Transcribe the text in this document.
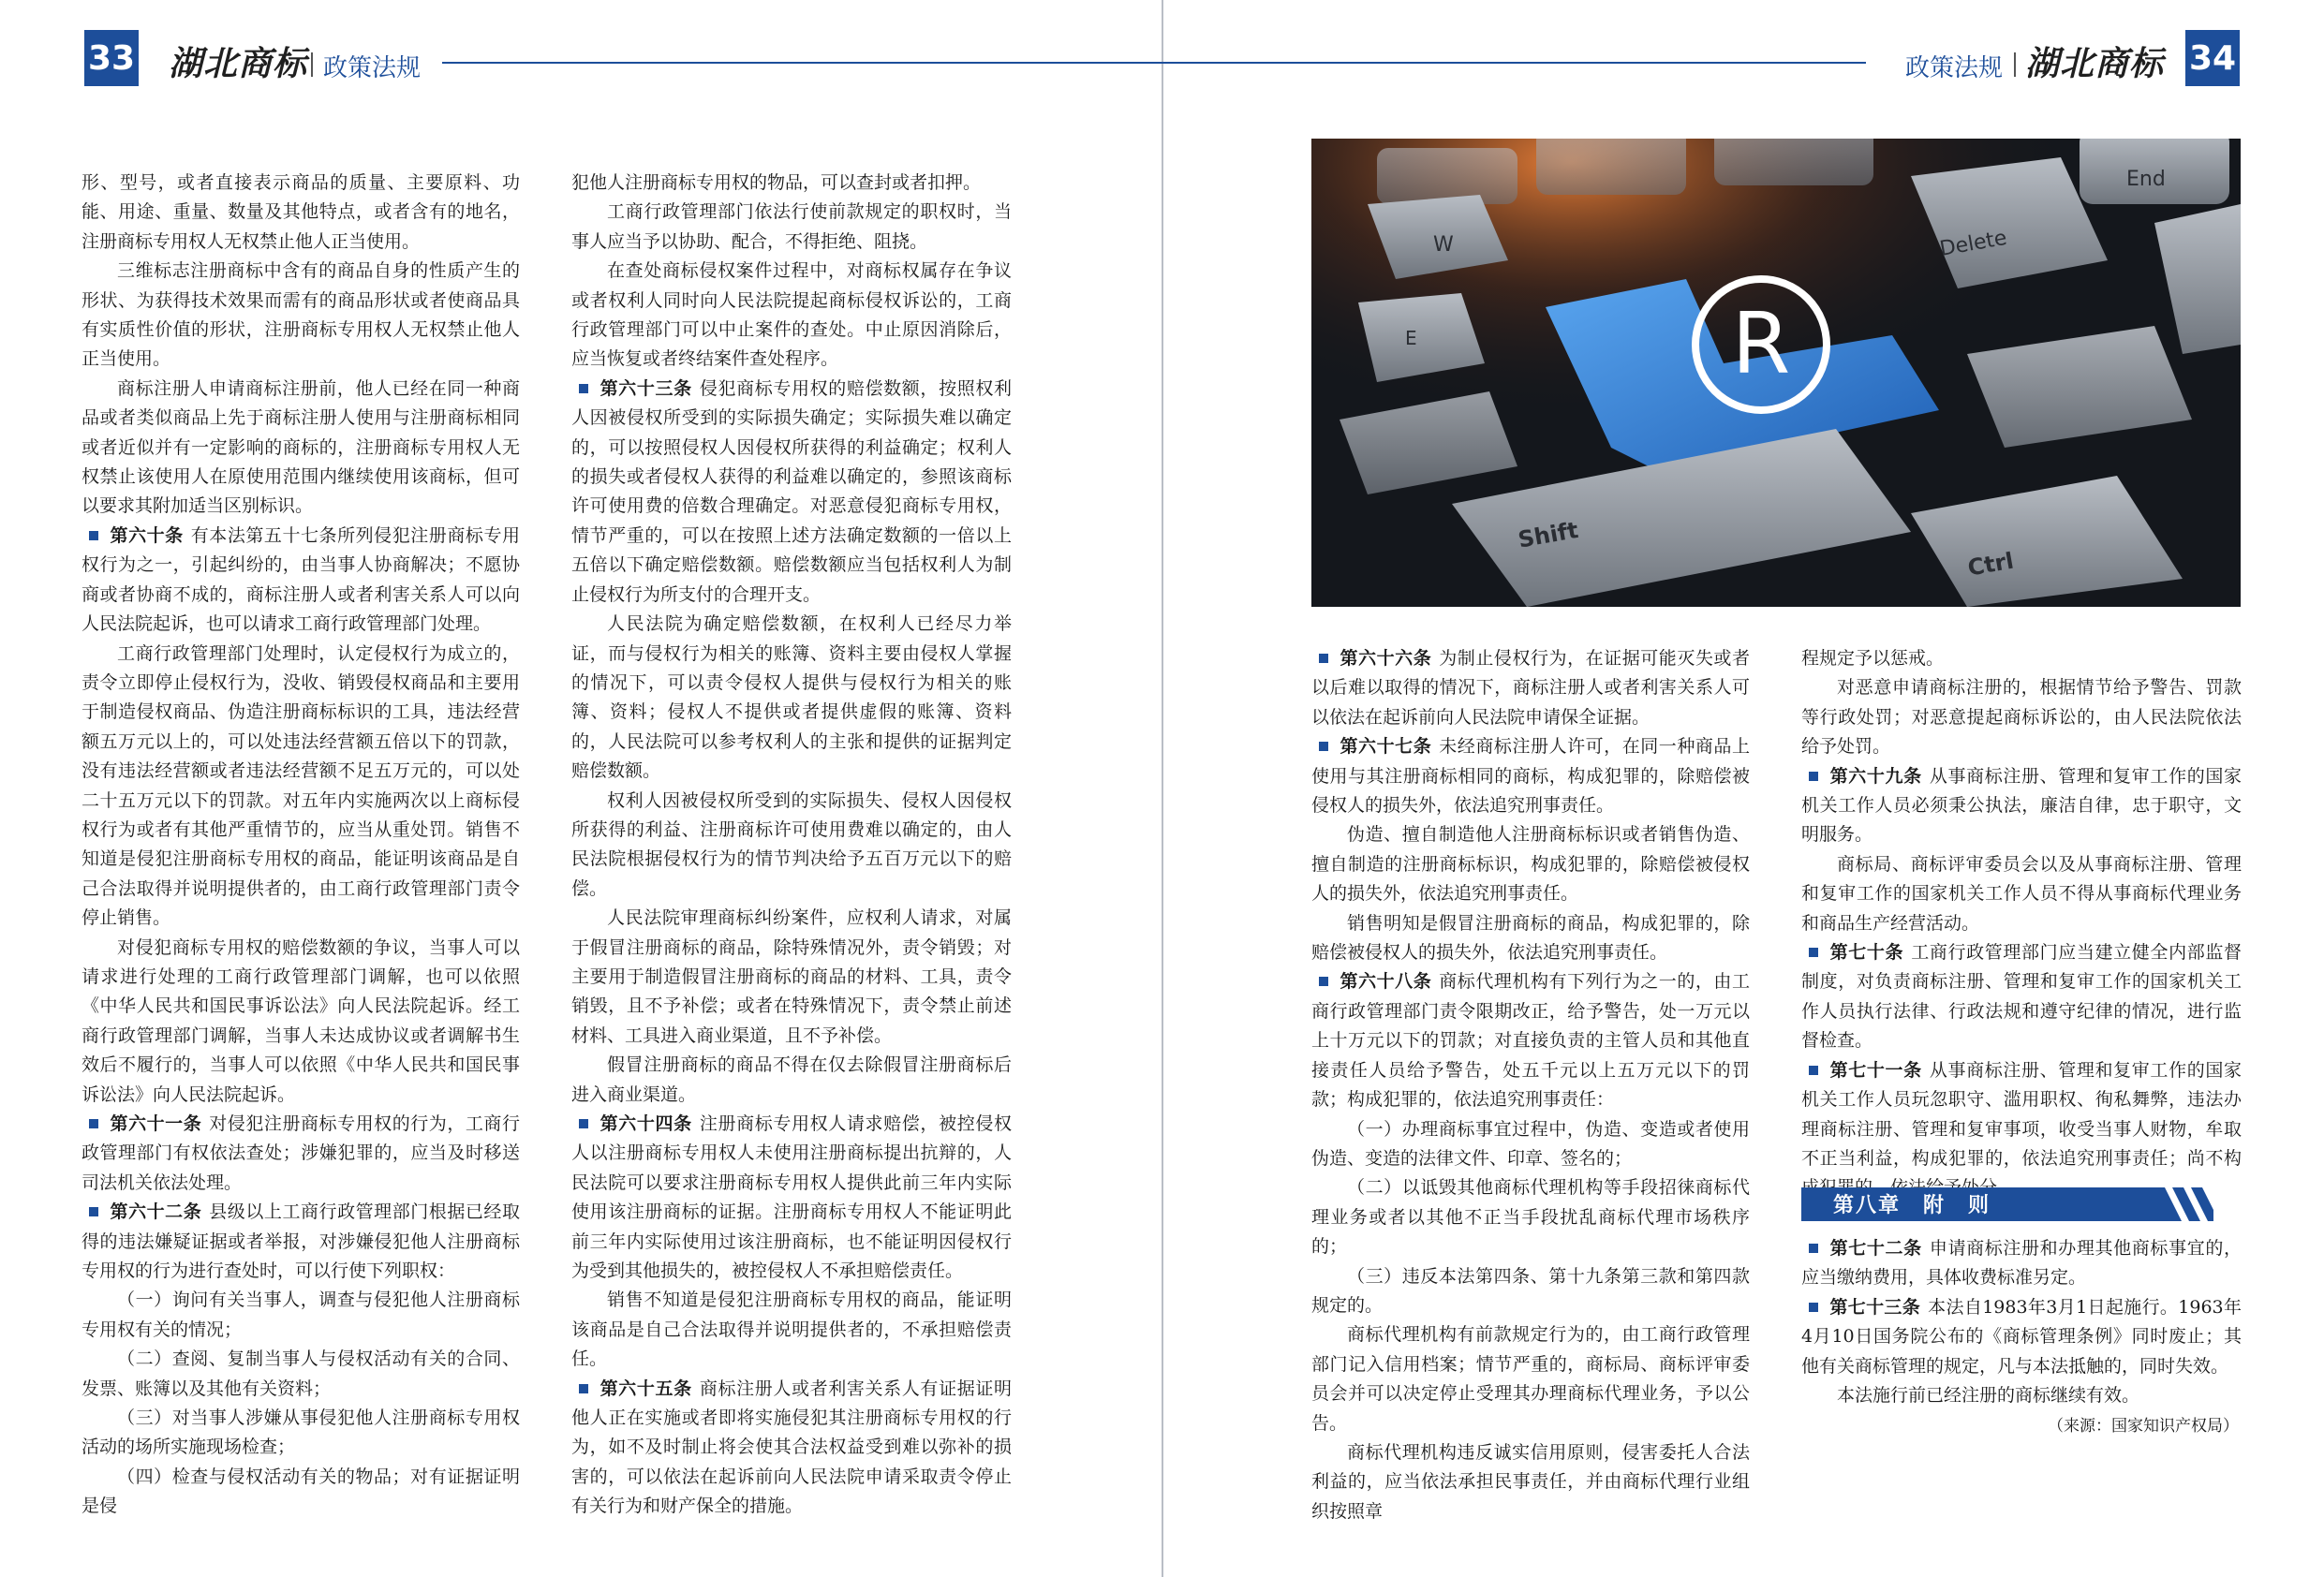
33 湖北商标 政策法规	政策法规 湖北商标 34

形、型号，或者直接表示商品的质量、主要原料、功能、用途、重量、数量及其他特点，或者含有的地名，注册商标专用权人无权禁止他人正当使用。

三维标志注册商标中含有的商品自身的性质产生的形状、为获得技术效果而需有的商品形状或者使商品具有实质性价值的形状，注册商标专用权人无权禁止他人正当使用。

商标注册人申请商标注册前，他人已经在同一种商品或者类似商品上先于商标注册人使用与注册商标相同或者近似并有一定影响的商标的，注册商标专用权人无权禁止该使用人在原使用范围内继续使用该商标，但可以要求其附加适当区别标识。

第六十条 有本法第五十七条所列侵犯注册商标专用权行为之一，引起纠纷的，由当事人协商解决；不愿协商或者协商不成的，商标注册人或者利害关系人可以向人民法院起诉，也可以请求工商行政管理部门处理。

工商行政管理部门处理时，认定侵权行为成立的，责令立即停止侵权行为，没收、销毁侵权商品和主要用于制造侵权商品、伪造注册商标标识的工具，违法经营额五万元以上的，可以处违法经营额五倍以下的罚款，没有违法经营额或者违法经营额不足五万元的，可以处二十五万元以下的罚款。对五年内实施两次以上商标侵权行为或者有其他严重情节的，应当从重处罚。销售不知道是侵犯注册商标专用权的商品，能证明该商品是自己合法取得并说明提供者的，由工商行政管理部门责令停止销售。

对侵犯商标专用权的赔偿数额的争议，当事人可以请求进行处理的工商行政管理部门调解，也可以依照《中华人民共和国民事诉讼法》向人民法院起诉。经工商行政管理部门调解，当事人未达成协议或者调解书生效后不履行的，当事人可以依照《中华人民共和国民事诉讼法》向人民法院起诉。

第六十一条 对侵犯注册商标专用权的行为，工商行政管理部门有权依法查处；涉嫌犯罪的，应当及时移送司法机关依法处理。

第六十二条 县级以上工商行政管理部门根据已经取得的违法嫌疑证据或者举报，对涉嫌侵犯他人注册商标专用权的行为进行查处时，可以行使下列职权：

（一）询问有关当事人，调查与侵犯他人注册商标专用权有关的情况；

（二）查阅、复制当事人与侵权活动有关的合同、发票、账簿以及其他有关资料；

（三）对当事人涉嫌从事侵犯他人注册商标专用权活动的场所实施现场检查；

（四）检查与侵权活动有关的物品；对有证据证明是侵

犯他人注册商标专用权的物品，可以查封或者扣押。

工商行政管理部门依法行使前款规定的职权时，当事人应当予以协助、配合，不得拒绝、阻挠。

在查处商标侵权案件过程中，对商标权属存在争议或者权利人同时向人民法院提起商标侵权诉讼的，工商行政管理部门可以中止案件的查处。中止原因消除后，应当恢复或者终结案件查处程序。

第六十三条 侵犯商标专用权的赔偿数额，按照权利人因被侵权所受到的实际损失确定；实际损失难以确定的，可以按照侵权人因侵权所获得的利益确定；权利人的损失或者侵权人获得的利益难以确定的，参照该商标许可使用费的倍数合理确定。对恶意侵犯商标专用权，情节严重的，可以在按照上述方法确定数额的一倍以上五倍以下确定赔偿数额。赔偿数额应当包括权利人为制止侵权行为所支付的合理开支。

人民法院为确定赔偿数额，在权利人已经尽力举证，而与侵权行为相关的账簿、资料主要由侵权人掌握的情况下，可以责令侵权人提供与侵权行为相关的账簿、资料；侵权人不提供或者提供虚假的账簿、资料的，人民法院可以参考权利人的主张和提供的证据判定赔偿数额。

权利人因被侵权所受到的实际损失、侵权人因侵权所获得的利益、注册商标许可使用费难以确定的，由人民法院根据侵权行为的情节判决给予五百万元以下的赔偿。

人民法院审理商标纠纷案件，应权利人请求，对属于假冒注册商标的商品，除特殊情况外，责令销毁；对主要用于制造假冒注册商标的商品的材料、工具，责令销毁，且不予补偿；或者在特殊情况下，责令禁止前述材料、工具进入商业渠道，且不予补偿。

假冒注册商标的商品不得在仅去除假冒注册商标后进入商业渠道。

第六十四条 注册商标专用权人请求赔偿，被控侵权人以注册商标专用权人未使用注册商标提出抗辩的，人民法院可以要求注册商标专用权人提供此前三年内实际使用该注册商标的证据。注册商标专用权人不能证明此前三年内实际使用过该注册商标，也不能证明因侵权行为受到其他损失的，被控侵权人不承担赔偿责任。

销售不知道是侵犯注册商标专用权的商品，能证明该商品是自己合法取得并说明提供者的，不承担赔偿责任。

第六十五条 商标注册人或者利害关系人有证据证明他人正在实施或者即将实施侵犯其注册商标专用权的行为，如不及时制止将会使其合法权益受到难以弥补的损害的，可以依法在起诉前向人民法院申请采取责令停止有关行为和财产保全的措施。

第六十六条 为制止侵权行为，在证据可能灭失或者以后难以取得的情况下，商标注册人或者利害关系人可以依法在起诉前向人民法院申请保全证据。

第六十七条 未经商标注册人许可，在同一种商品上使用与其注册商标相同的商标，构成犯罪的，除赔偿被侵权人的损失外，依法追究刑事责任。

伪造、擅自制造他人注册商标标识或者销售伪造、擅自制造的注册商标标识，构成犯罪的，除赔偿被侵权人的损失外，依法追究刑事责任。

销售明知是假冒注册商标的商品，构成犯罪的，除赔偿被侵权人的损失外，依法追究刑事责任。

第六十八条 商标代理机构有下列行为之一的，由工商行政管理部门责令限期改正，给予警告，处一万元以上十万元以下的罚款；对直接负责的主管人员和其他直接责任人员给予警告，处五千元以上五万元以下的罚款；构成犯罪的，依法追究刑事责任：

（一）办理商标事宜过程中，伪造、变造或者使用伪造、变造的法律文件、印章、签名的；

（二）以诋毁其他商标代理机构等手段招徕商标代理业务或者以其他不正当手段扰乱商标代理市场秩序的；

（三）违反本法第四条、第十九条第三款和第四款规定的。

商标代理机构有前款规定行为的，由工商行政管理部门记入信用档案；情节严重的，商标局、商标评审委员会并可以决定停止受理其办理商标代理业务，予以公告。

商标代理机构违反诚实信用原则，侵害委托人合法利益的，应当依法承担民事责任，并由商标代理行业组织按照章

程规定予以惩戒。

对恶意申请商标注册的，根据情节给予警告、罚款等行政处罚；对恶意提起商标诉讼的，由人民法院依法给予处罚。

第六十九条 从事商标注册、管理和复审工作的国家机关工作人员必须秉公执法，廉洁自律，忠于职守，文明服务。

商标局、商标评审委员会以及从事商标注册、管理和复审工作的国家机关工作人员不得从事商标代理业务和商品生产经营活动。

第七十条 工商行政管理部门应当建立健全内部监督制度，对负责商标注册、管理和复审工作的国家机关工作人员执行法律、行政法规和遵守纪律的情况，进行监督检查。

第七十一条 从事商标注册、管理和复审工作的国家机关工作人员玩忽职守、滥用职权、徇私舞弊，违法办理商标注册、管理和复审事项，收受当事人财物，牟取不正当利益，构成犯罪的，依法追究刑事责任；尚不构

第七十二条 申请商标注册和办理其他商标事宜的，应当缴纳费用，具体收费标准另定。

第七十三条 本法自1983年3月1日起施行。1963年4月10日国务院公布的《商标管理条例》同时废止；其他有关商标管理的规定，凡与本法抵触的，同时失效。

本法施行前已经注册的商标继续有效。

W
E
Delete
End
Shift
Ctrl
R
第八章　附　则
（来源：国家知识产权局）
